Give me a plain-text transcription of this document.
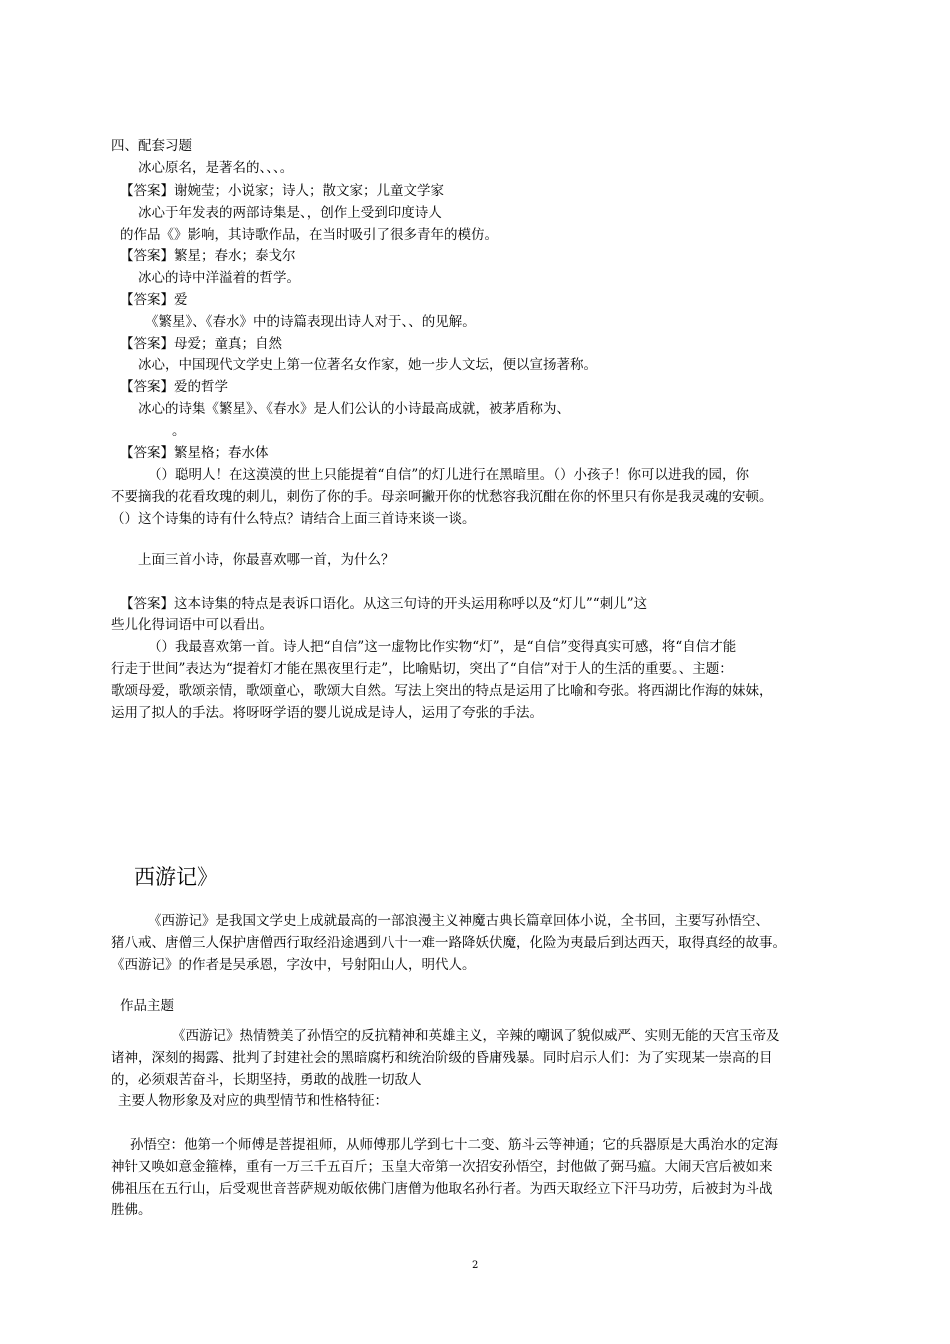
四、配套习题
冰心原名，是著名的、、、。
【答案】谢婉莹；小说家；诗人；散文家；儿童文学家
冰心于年发表的两部诗集是、，创作上受到印度诗人
的作品《》影响，其诗歌作品，在当时吸引了很多青年的模仿。
【答案】繁星；春水；泰戈尔
冰心的诗中洋溢着的哲学。
【答案】爱
《繁星》、《春水》中的诗篇表现出诗人对于、、的见解。
【答案】母爱；童真；自然
冰心，中国现代文学史上第一位著名女作家，她一步人文坛，便以宣扬著称。
【答案】爱的哲学
冰心的诗集《繁星》、《春水》是人们公认的小诗最高成就，被茅盾称为、
。
【答案】繁星格；春水体
（）聪明人！在这漠漠的世上只能提着“自信”的灯儿进行在黑暗里。（）小孩子！你可以进我的园，你
不要摘我的花看玫瑰的刺儿，刺伤了你的手。母亲呵撇开你的忧愁容我沉酣在你的怀里只有你是我灵魂的安顿。
（）这个诗集的诗有什么特点？请结合上面三首诗来谈一谈。
上面三首小诗，你最喜欢哪一首，为什么？
【答案】这本诗集的特点是表诉口语化。从这三句诗的开头运用称呼以及“灯儿”“刺儿”这
些儿化得词语中可以看出。
（）我最喜欢第一首。诗人把“自信”这一虚物比作实物“灯”，是“自信”变得真实可感，将“自信才能
行走于世间”表达为“提着灯才能在黑夜里行走”，比喻贴切，突出了“自信”对于人的生活的重要。、主题：
歌颂母爱，歌颂亲情，歌颂童心，歌颂大自然。写法上突出的特点是运用了比喻和夸张。将西湖比作海的妹妹，
运用了拟人的手法。将呀呀学语的婴儿说成是诗人，运用了夸张的手法。
西游记》
《西游记》是我国文学史上成就最高的一部浪漫主义神魔古典长篇章回体小说，全书回，主要写孙悟空、
猪八戒、唐僧三人保护唐僧西行取经沿途遇到八十一难一路降妖伏魔，化险为夷最后到达西天，取得真经的故事。
《西游记》的作者是吴承恩，字汝中，号射阳山人，明代人。
作品主题
《西游记》热情赞美了孙悟空的反抗精神和英雄主义，辛辣的嘲讽了貌似威严、实则无能的天宫玉帝及
诸神，深刻的揭露、批判了封建社会的黑暗腐朽和统治阶级的昏庸残暴。同时启示人们：为了实现某一崇高的目
的，必须艰苦奋斗，长期坚持，勇敢的战胜一切敌人
主要人物形象及对应的典型情节和性格特征：
孙悟空：他第一个师傅是菩提祖师，从师傅那儿学到七十二变、筋斗云等神通；它的兵器原是大禹治水的定海
神针又唤如意金箍棒，重有一万三千五百斤；玉皇大帝第一次招安孙悟空，封他做了弼马瘟。大闹天宫后被如来
佛祖压在五行山，后受观世音菩萨规劝皈依佛门唐僧为他取名孙行者。为西天取经立下汗马功劳，后被封为斗战
胜佛。
2
